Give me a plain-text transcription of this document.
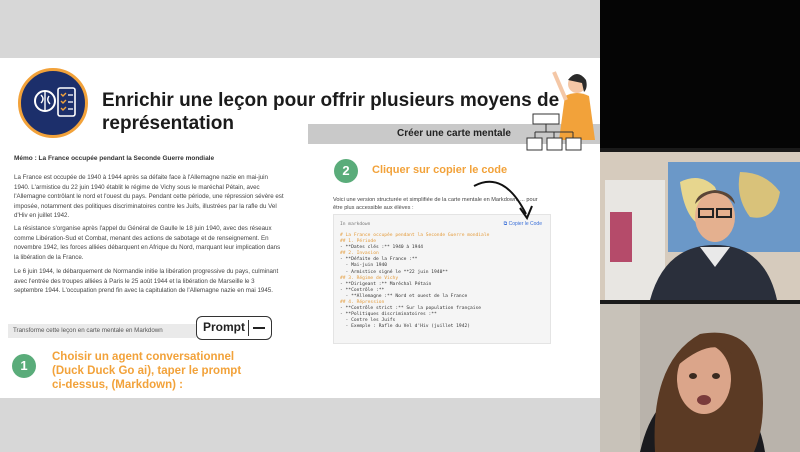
Enrichir une leçon pour offrir plusieurs moyens de représentation	Créer une carte mentale
Mémo : La France occupée pendant la Seconde Guerre mondiale
La France est occupée de 1940 à 1944 après sa défaite face à l'Allemagne nazie en mai-juin 1940. L'armistice du 22 juin 1940 établit le régime de Vichy sous le maréchal Pétain, avec l'Allemagne contrôlant le nord et l'ouest du pays. Pendant cette période, une répression sévère est imposée, notamment des politiques discriminatoires contre les Juifs, illustrées par la rafle du Vel d'Hiv en juillet 1942.
La résistance s'organise après l'appel du Général de Gaulle le 18 juin 1940, avec des réseaux comme Libération-Sud et Combat, menant des actions de sabotage et de renseignement. En novembre 1942, les forces alliées débarquent en Afrique du Nord, marquant leur implication dans la libération de la France.
Le 6 juin 1944, le débarquement de Normandie initie la libération progressive du pays, culminant avec l'entrée des troupes alliées à Paris le 25 août 1944 et la libération de Marseille le 3 septembre 1944. L'occupation prend fin avec la capitulation de l'Allemagne nazie en mai 1945.
Transforme cette leçon en carte mentale en Markdown	Prompt
1
Choisir un agent conversationnel (Duck Duck Go ai), taper le prompt ci-dessus, (Markdown) :
2	Cliquer sur copier le code
Voici une version structurée et simplifiée de la carte mentale en Markdown, ... pour être plus accessible aux élèves :
In markdown	⧉ Copier le Code
# La France occupée pendant la Seconde Guerre mondiale
## 1. Période
- **Dates clés :** 1940 à 1944
## 2. Invasion
- **Défaite de la France :**
- Mai-juin 1940
- Armistice signé le **22 juin 1940**
## 3. Régime de Vichy
- **Dirigeant :** Maréchal Pétain
- **Contrôle :**
- **Allemagne :** Nord et ouest de la France
## 4. Répression
- **Contrôle strict :** Sur la population française
- **Politiques discriminatoires :**
- Contre les Juifs
- Exemple : Rafle du Vel d'Hiv (juillet 1942)
